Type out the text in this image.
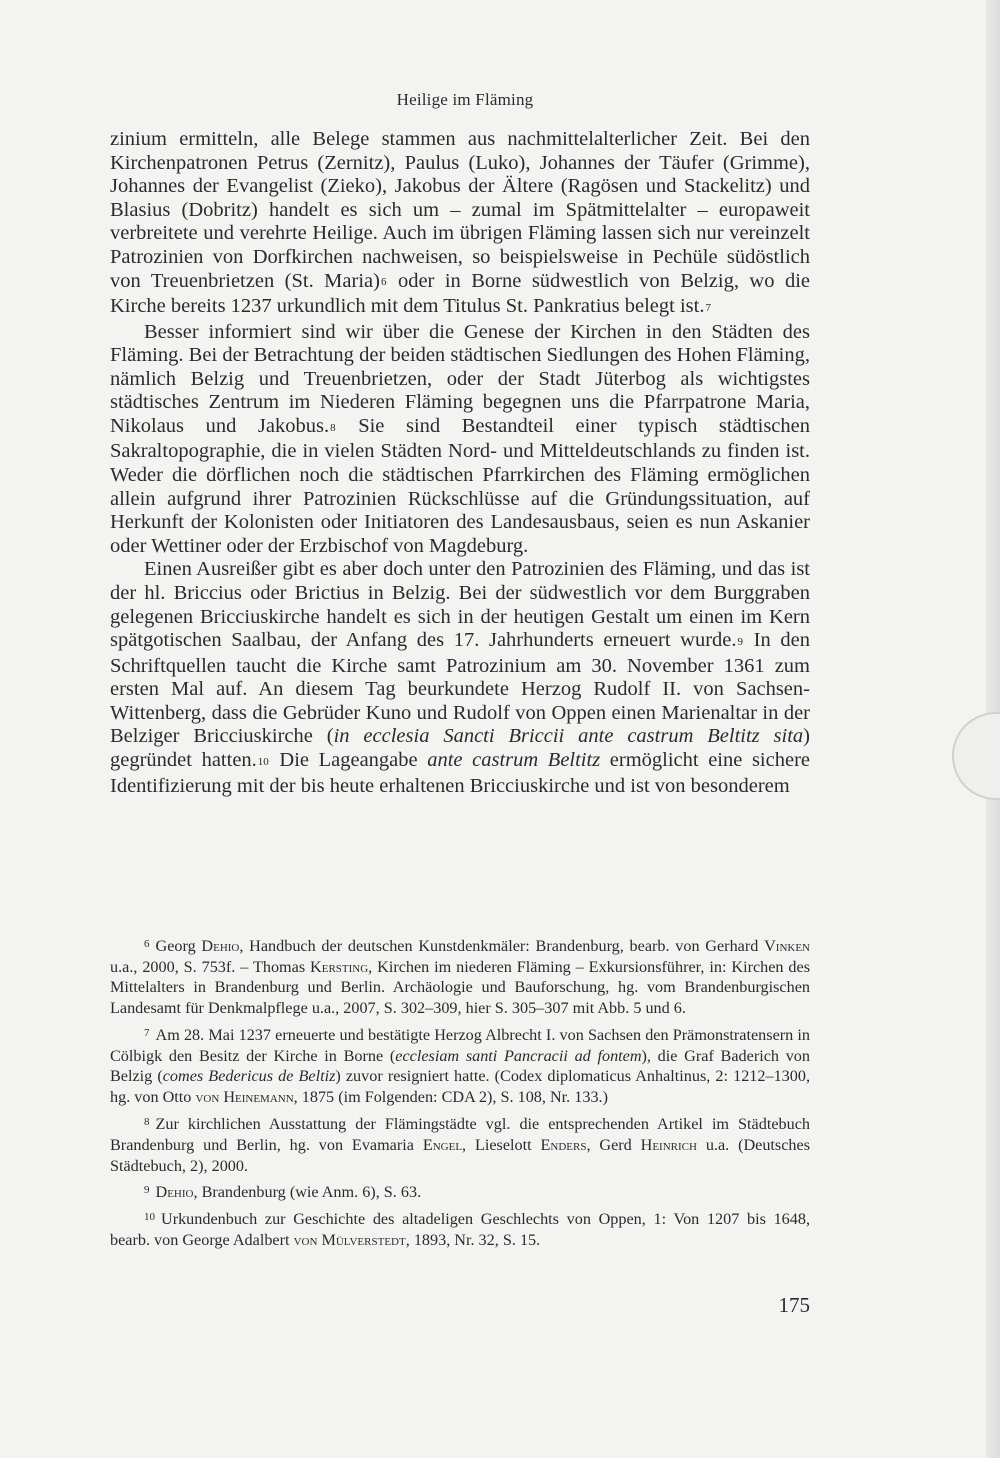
Heilige im Fläming

zinium ermitteln, alle Belege stammen aus nachmittelalterlicher Zeit. Bei den Kirchenpatronen Petrus (Zernitz), Paulus (Luko), Johannes der Täufer (Grimme), Johannes der Evangelist (Zieko), Jakobus der Ältere (Ragösen und Stackelitz) und Blasius (Dobritz) handelt es sich um – zumal im Spätmittelalter – europaweit verbreitete und verehrte Heilige. Auch im übrigen Fläming lassen sich nur vereinzelt Patrozinien von Dorfkirchen nachweisen, so beispielsweise in Pechüle südöstlich von Treuenbrietzen (St. Maria)6 oder in Borne südwestlich von Belzig, wo die Kirche bereits 1237 urkundlich mit dem Titulus St. Pankratius belegt ist.7

Besser informiert sind wir über die Genese der Kirchen in den Städten des Fläming. Bei der Betrachtung der beiden städtischen Siedlungen des Hohen Fläming, nämlich Belzig und Treuenbrietzen, oder der Stadt Jüterbog als wichtigstes städtisches Zentrum im Niederen Fläming begegnen uns die Pfarrpatrone Maria, Nikolaus und Jakobus.8 Sie sind Bestandteil einer typisch städtischen Sakraltopographie, die in vielen Städten Nord- und Mitteldeutschlands zu finden ist. Weder die dörflichen noch die städtischen Pfarrkirchen des Fläming ermöglichen allein aufgrund ihrer Patrozinien Rückschlüsse auf die Gründungssituation, auf Herkunft der Kolonisten oder Initiatoren des Landesausbaus, seien es nun Askanier oder Wettiner oder der Erzbischof von Magdeburg.

Einen Ausreißer gibt es aber doch unter den Patrozinien des Fläming, und das ist der hl. Briccius oder Brictius in Belzig. Bei der südwestlich vor dem Burggraben gelegenen Bricciuskirche handelt es sich in der heutigen Gestalt um einen im Kern spätgotischen Saalbau, der Anfang des 17. Jahrhunderts erneuert wurde.9 In den Schriftquellen taucht die Kirche samt Patrozinium am 30. November 1361 zum ersten Mal auf. An diesem Tag beurkundete Herzog Rudolf II. von Sachsen-Wittenberg, dass die Gebrüder Kuno und Rudolf von Oppen einen Marienaltar in der Belziger Bricciuskirche (in ecclesia Sancti Briccii ante castrum Beltitz sita) gegründet hatten.10 Die Lageangabe ante castrum Beltitz ermöglicht eine sichere Identifizierung mit der bis heute erhaltenen Bricciuskirche und ist von besonderem

$^6$ Georg Dehio, Handbuch der deutschen Kunstdenkmäler: Brandenburg, bearb. von Gerhard Vinken u.a., 2000, S. 753f. – Thomas Kersting, Kirchen im niederen Fläming – Exkursionsführer, in: Kirchen des Mittelalters in Brandenburg und Berlin. Archäologie und Bauforschung, hg. vom Brandenburgischen Landesamt für Denkmalpflege u.a., 2007, S. 302–309, hier S. 305–307 mit Abb. 5 und 6.

$^7$ Am 28. Mai 1237 erneuerte und bestätigte Herzog Albrecht I. von Sachsen den Prämonstratensern in Cölbigk den Besitz der Kirche in Borne (ecclesiam santi Pancracii ad fontem), die Graf Baderich von Belzig (comes Bedericus de Beltiz) zuvor resigniert hatte. (Codex diplomaticus Anhaltinus, 2: 1212–1300, hg. von Otto von Heinemann, 1875 (im Folgenden: CDA 2), S. 108, Nr. 133.)

$^8$ Zur kirchlichen Ausstattung der Flämingstädte vgl. die entsprechenden Artikel im Städtebuch Brandenburg und Berlin, hg. von Evamaria Engel, Lieselott Enders, Gerd Heinrich u.a. (Deutsches Städtebuch, 2), 2000.

$^9$ Dehio, Brandenburg (wie Anm. 6), S. 63.

$^{10}$ Urkundenbuch zur Geschichte des altadeligen Geschlechts von Oppen, 1: Von 1207 bis 1648, bearb. von George Adalbert von Mülverstedt, 1893, Nr. 32, S. 15.

175
